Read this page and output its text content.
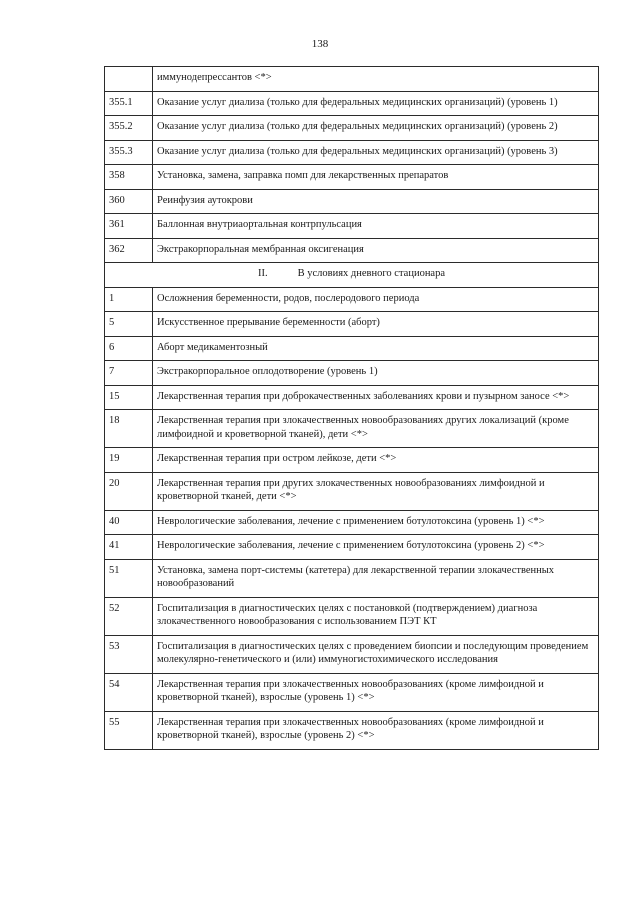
138
	иммунодепрессантов <*>
355.1	Оказание услуг диализа (только для федеральных медицинских организаций) (уровень 1)
355.2	Оказание услуг диализа (только для федеральных медицинских организаций) (уровень 2)
355.3	Оказание услуг диализа (только для федеральных медицинских организаций) (уровень 3)
358	Установка, замена, заправка помп для лекарственных препаратов
360	Реинфузия аутокрови
361	Баллонная внутриаортальная контрпульсация
362	Экстракорпоральная мембранная оксигенация
II. В условиях дневного стационара	
1	Осложнения беременности, родов, послеродового периода
5	Искусственное прерывание беременности (аборт)
6	Аборт медикаментозный
7	Экстракорпоральное оплодотворение (уровень 1)
15	Лекарственная терапия при доброкачественных заболеваниях крови и пузырном заносе <*>
18	Лекарственная терапия при злокачественных новообразованиях других локализаций (кроме лимфоидной и кроветворной тканей), дети <*>
19	Лекарственная терапия при остром лейкозе, дети <*>
20	Лекарственная терапия при других злокачественных новообразованиях лимфоидной и кроветворной тканей, дети <*>
40	Неврологические заболевания, лечение с применением ботулотоксина (уровень 1) <*>
41	Неврологические заболевания, лечение с применением ботулотоксина (уровень 2) <*>
51	Установка, замена порт-системы (катетера) для лекарственной терапии злокачественных новообразований
52	Госпитализация в диагностических целях с постановкой (подтверждением) диагноза злокачественного новообразования с использованием ПЭТ КТ
53	Госпитализация в диагностических целях с проведением биопсии и последующим проведением молекулярно-генетического и (или) иммуногистохимического исследования
54	Лекарственная терапия при злокачественных новообразованиях (кроме лимфоидной и кроветворной тканей), взрослые (уровень 1) <*>
55	Лекарственная терапия при злокачественных новообразованиях (кроме лимфоидной и кроветворной тканей), взрослые (уровень 2) <*>
